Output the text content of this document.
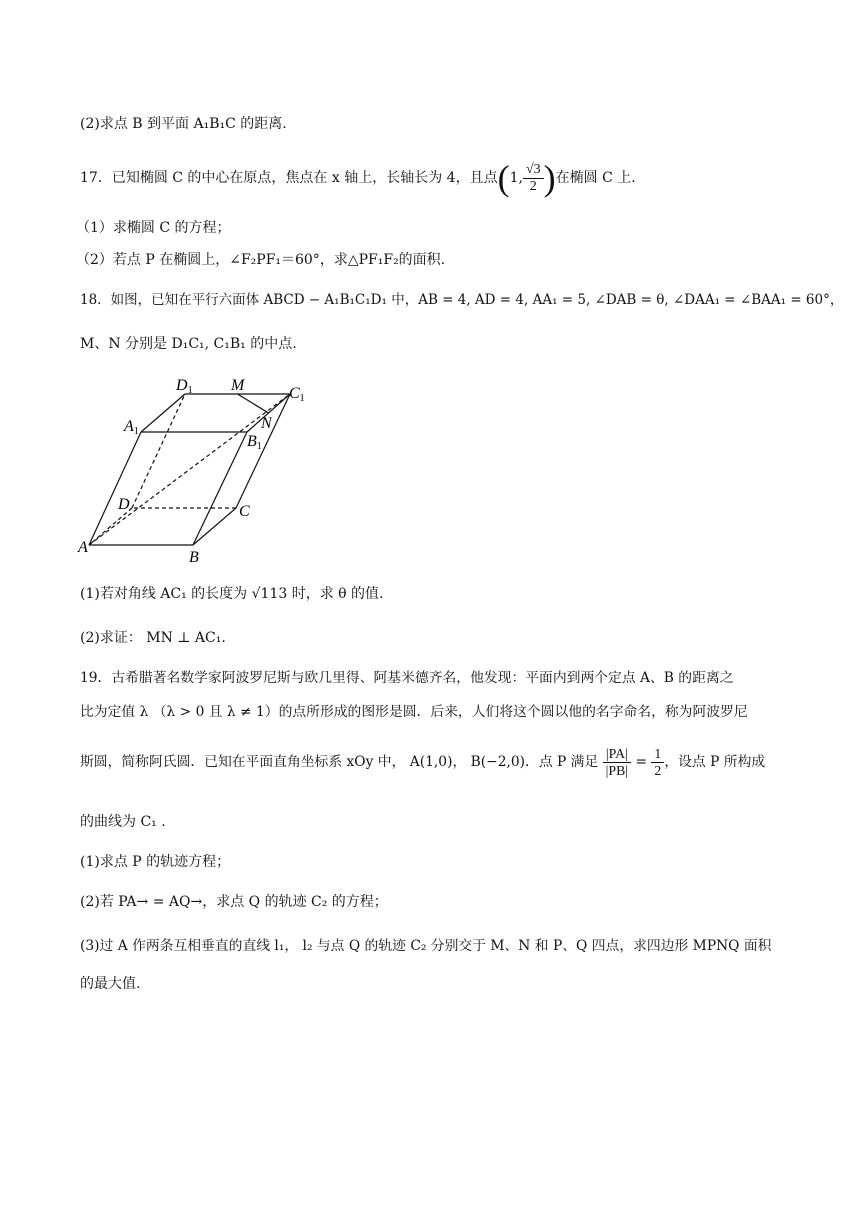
(2)求点 B 到平面 A₁B₁C 的距离.
17．已知椭圆 C 的中心在原点，焦点在 x 轴上，长轴长为 4，且点(1, $\frac{√3}{2}$ )在椭圆 C 上.
（1）求椭圆 C 的方程；
（2）若点 P 在椭圆上，∠F₂PF₁＝60°，求△PF₁F₂的面积.
18．如图，已知在平行六面体 ABCD − A₁B₁C₁D₁ 中，AB = 4, AD = 4, AA₁ = 5, ∠DAB = θ, ∠DAA₁ = ∠BAA₁ = 60°，
M、N 分别是 D₁C₁, C₁B₁ 的中点.
D1 M	C1
A1	N
B1
D	C
A
B
(1)若对角线 AC₁ 的长度为 √113 时，求 θ 的值.
(2)求证： MN ⊥ AC₁.
19．古希腊著名数学家阿波罗尼斯与欧几里得、阿基米德齐名，他发现：平面内到两个定点 A、B 的距离之
比为定值 λ （λ > 0 且 λ ≠ 1）的点所形成的图形是圆．后来，人们将这个圆以他的名字命名，称为阿波罗尼
斯圆，简称阿氏圆．已知在平面直角坐标系 xOy 中， A(1,0)， B(−2,0)．点 P 满足 $\frac{|PA|}{|PB|} = \frac{1}{2}$ ，设点 P 所构成
的曲线为 C₁ .
(1)求点 P 的轨迹方程；
(2)若 PA→ = AQ→，求点 Q 的轨迹 C₂ 的方程；
(3)过 A 作两条互相垂直的直线 l₁， l₂ 与点 Q 的轨迹 C₂ 分别交于 M、N 和 P、Q 四点，求四边形 MPNQ 面积
的最大值.
